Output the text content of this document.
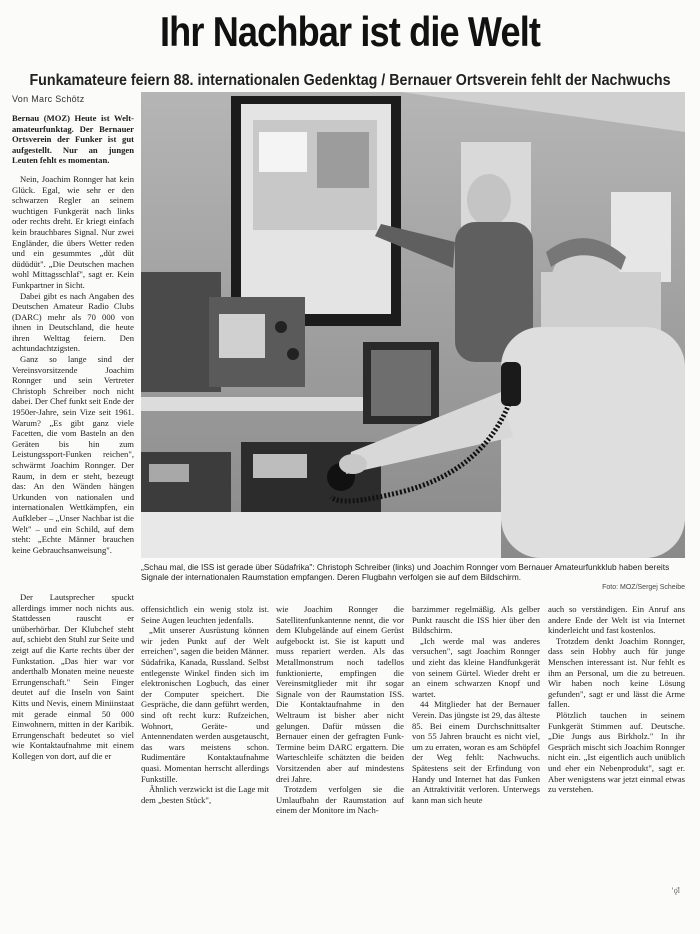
Ihr Nachbar ist die Welt
Funkamateure feiern 88. internationalen Gedenktag / Bernauer Ortsverein fehlt der Nachwuchs
Von Marc Schötz

Bernau (MOZ) Heute ist Welt-amateurfunktag. Der Bernauer Ortsverein der Funker ist gut aufgestellt. Nur an jungen Leuten fehlt es momentan.

Nein, Joachim Ronnger hat kein Glück. Egal, wie sehr er den schwarzen Regler an seinem wuchtigen Funkgerät nach links oder rechts dreht. Er kriegt einfach kein brauchbares Signal. Nur zwei Engländer, die übers Wetter reden und ein gesummtes „düt düt düdüdüt". „Die Deutschen machen wohl Mittagsschlaf", sagt er. Kein Funkpartner in Sicht.

Dabei gibt es nach Angaben des Deutschen Amateur Radio Clubs (DARC) mehr als 70 000 von ihnen in Deutschland, die heute ihren Welttag feiern. Den achtundachtzigsten.

Ganz so lange sind der Vereinsvorsitzende Joachim Ronnger und sein Vertreter Christoph Schreiber noch nicht dabei. Der Chef funkt seit Ende der 1950er-Jahre, sein Vize seit 1961. Warum? „Es gibt ganz viele Facetten, die vom Basteln an den Geräten bis hin zum Leistungssport-Funken reichen", schwärmt Joachim Ronnger. Der Raum, in dem er steht, bezeugt das: An den Wänden hängen Urkunden von nationalen und internationalen Wettkämpfen, ein Aufkleber – „Unser Nachbar ist die Welt" – und ein Schild, auf dem steht: „Echte Männer brauchen keine Gebrauchsanweisung".

„Schau mal, die ISS ist gerade über Südafrika": Christoph Schreiber (links) und Joachim Ronnger vom Bernauer Amateurfunkklub haben bereits Signale der internationalen Raumstation empfangen. Deren Flugbahn verfolgen sie auf dem Bildschirm.
Foto: MOZ/Sergej Scheibe

Der Lautsprecher spuckt allerdings immer noch nichts aus. Stattdessen rauscht er unüberhörbar. Der Klubchef steht auf, schiebt den Stuhl zur Seite und zeigt auf die Karte rechts über der Funkstation. „Das hier war vor anderthalb Monaten meine neueste Errungenschaft." Sein Finger deutet auf die Inseln von Saint Kitts und Nevis, einem Miniinstaat mit gerade einmal 50 000 Einwohnern, mitten in der Karibik. Errungenschaft bedeutet so viel wie Kontaktaufnahme mit einem Kollegen von dort, auf die er

offensichtlich ein wenig stolz ist. Seine Augen leuchten jedenfalls.

„Mit unserer Ausrüstung können wir jeden Punkt auf der Welt erreichen", sagen die beiden Männer. Südafrika, Kanada, Russland. Selbst entlegenste Winkel finden sich im elektronischen Logbuch, das einer der Computer speichert. Die Gespräche, die dann geführt werden, sind oft recht kurz: Rufzeichen, Wohnort, Geräte- und Antennendaten werden ausgetauscht, das wars meistens schon. Rudimentäre Kontaktaufnahme quasi. Momentan herrscht allerdings Funkstille.

Ähnlich verzwickt ist die Lage mit dem „besten Stück",

wie Joachim Ronnger die Satellitenfunkantenne nennt, die vor dem Klubgelände auf einem Gerüst aufgebockt ist. Sie ist kaputt und muss repariert werden. Als das Metallmonstrum noch tadellos funktionierte, empfingen die Vereinsmitglieder mit ihr sogar Signale von der Raumstation ISS. Die Kontaktaufnahme in den Weltraum ist bisher aber nicht gelungen. Dafür müssen die Bernauer einen der gefragten Funk-Termine beim DARC ergattern. Die Warteschleife schätzten die beiden Vorsitzenden aber auf mindestens drei Jahre.

Trotzdem verfolgen sie die Umlaufbahn der Raumstation auf einem der Monitore im Nach-

barzimmer regelmäßig. Als gelber Punkt rauscht die ISS hier über den Bildschirm.

„Ich werde mal was anderes versuchen", sagt Joachim Ronnger und zieht das kleine Handfunkgerät von seinem Gürtel. Wieder dreht er an einem schwarzen Knopf und wartet.

44 Mitglieder hat der Bernauer Verein. Das jüngste ist 29, das älteste 85. Bei einem Durchschnittsalter von 55 Jahren braucht es nicht viel, um zu erraten, woran es am Schöpfel der Weg fehlt: Nachwuchs. Spätestens seit der Erfindung von Handy und Internet hat das Funken an Attraktivität verloren. Unterwegs kann man sich heute

auch so verständigen. Ein Anruf ans andere Ende der Welt ist via Internet kinderleicht und fast kostenlos.

Trotzdem denkt Joachim Ronnger, dass sein Hobby auch für junge Menschen interessant ist. Nur fehlt es ihm an Personal, um die zu betreuen. Wir haben noch keine Lösung gefunden", sagt er und lässt die Arme fallen.

Plötzlich tauchen in seinem Funkgerät Stimmen auf. Deutsche. „Die Jungs aus Birkholz." In ihr Gespräch mischt sich Joachim Ronnger nicht ein. „Ist eigentlich auch unüblich und eher ein Nebenprodukt", sagt er. Aber wenigstens war jetzt einmal etwas zu verstehen.

ʼǫ̈l
